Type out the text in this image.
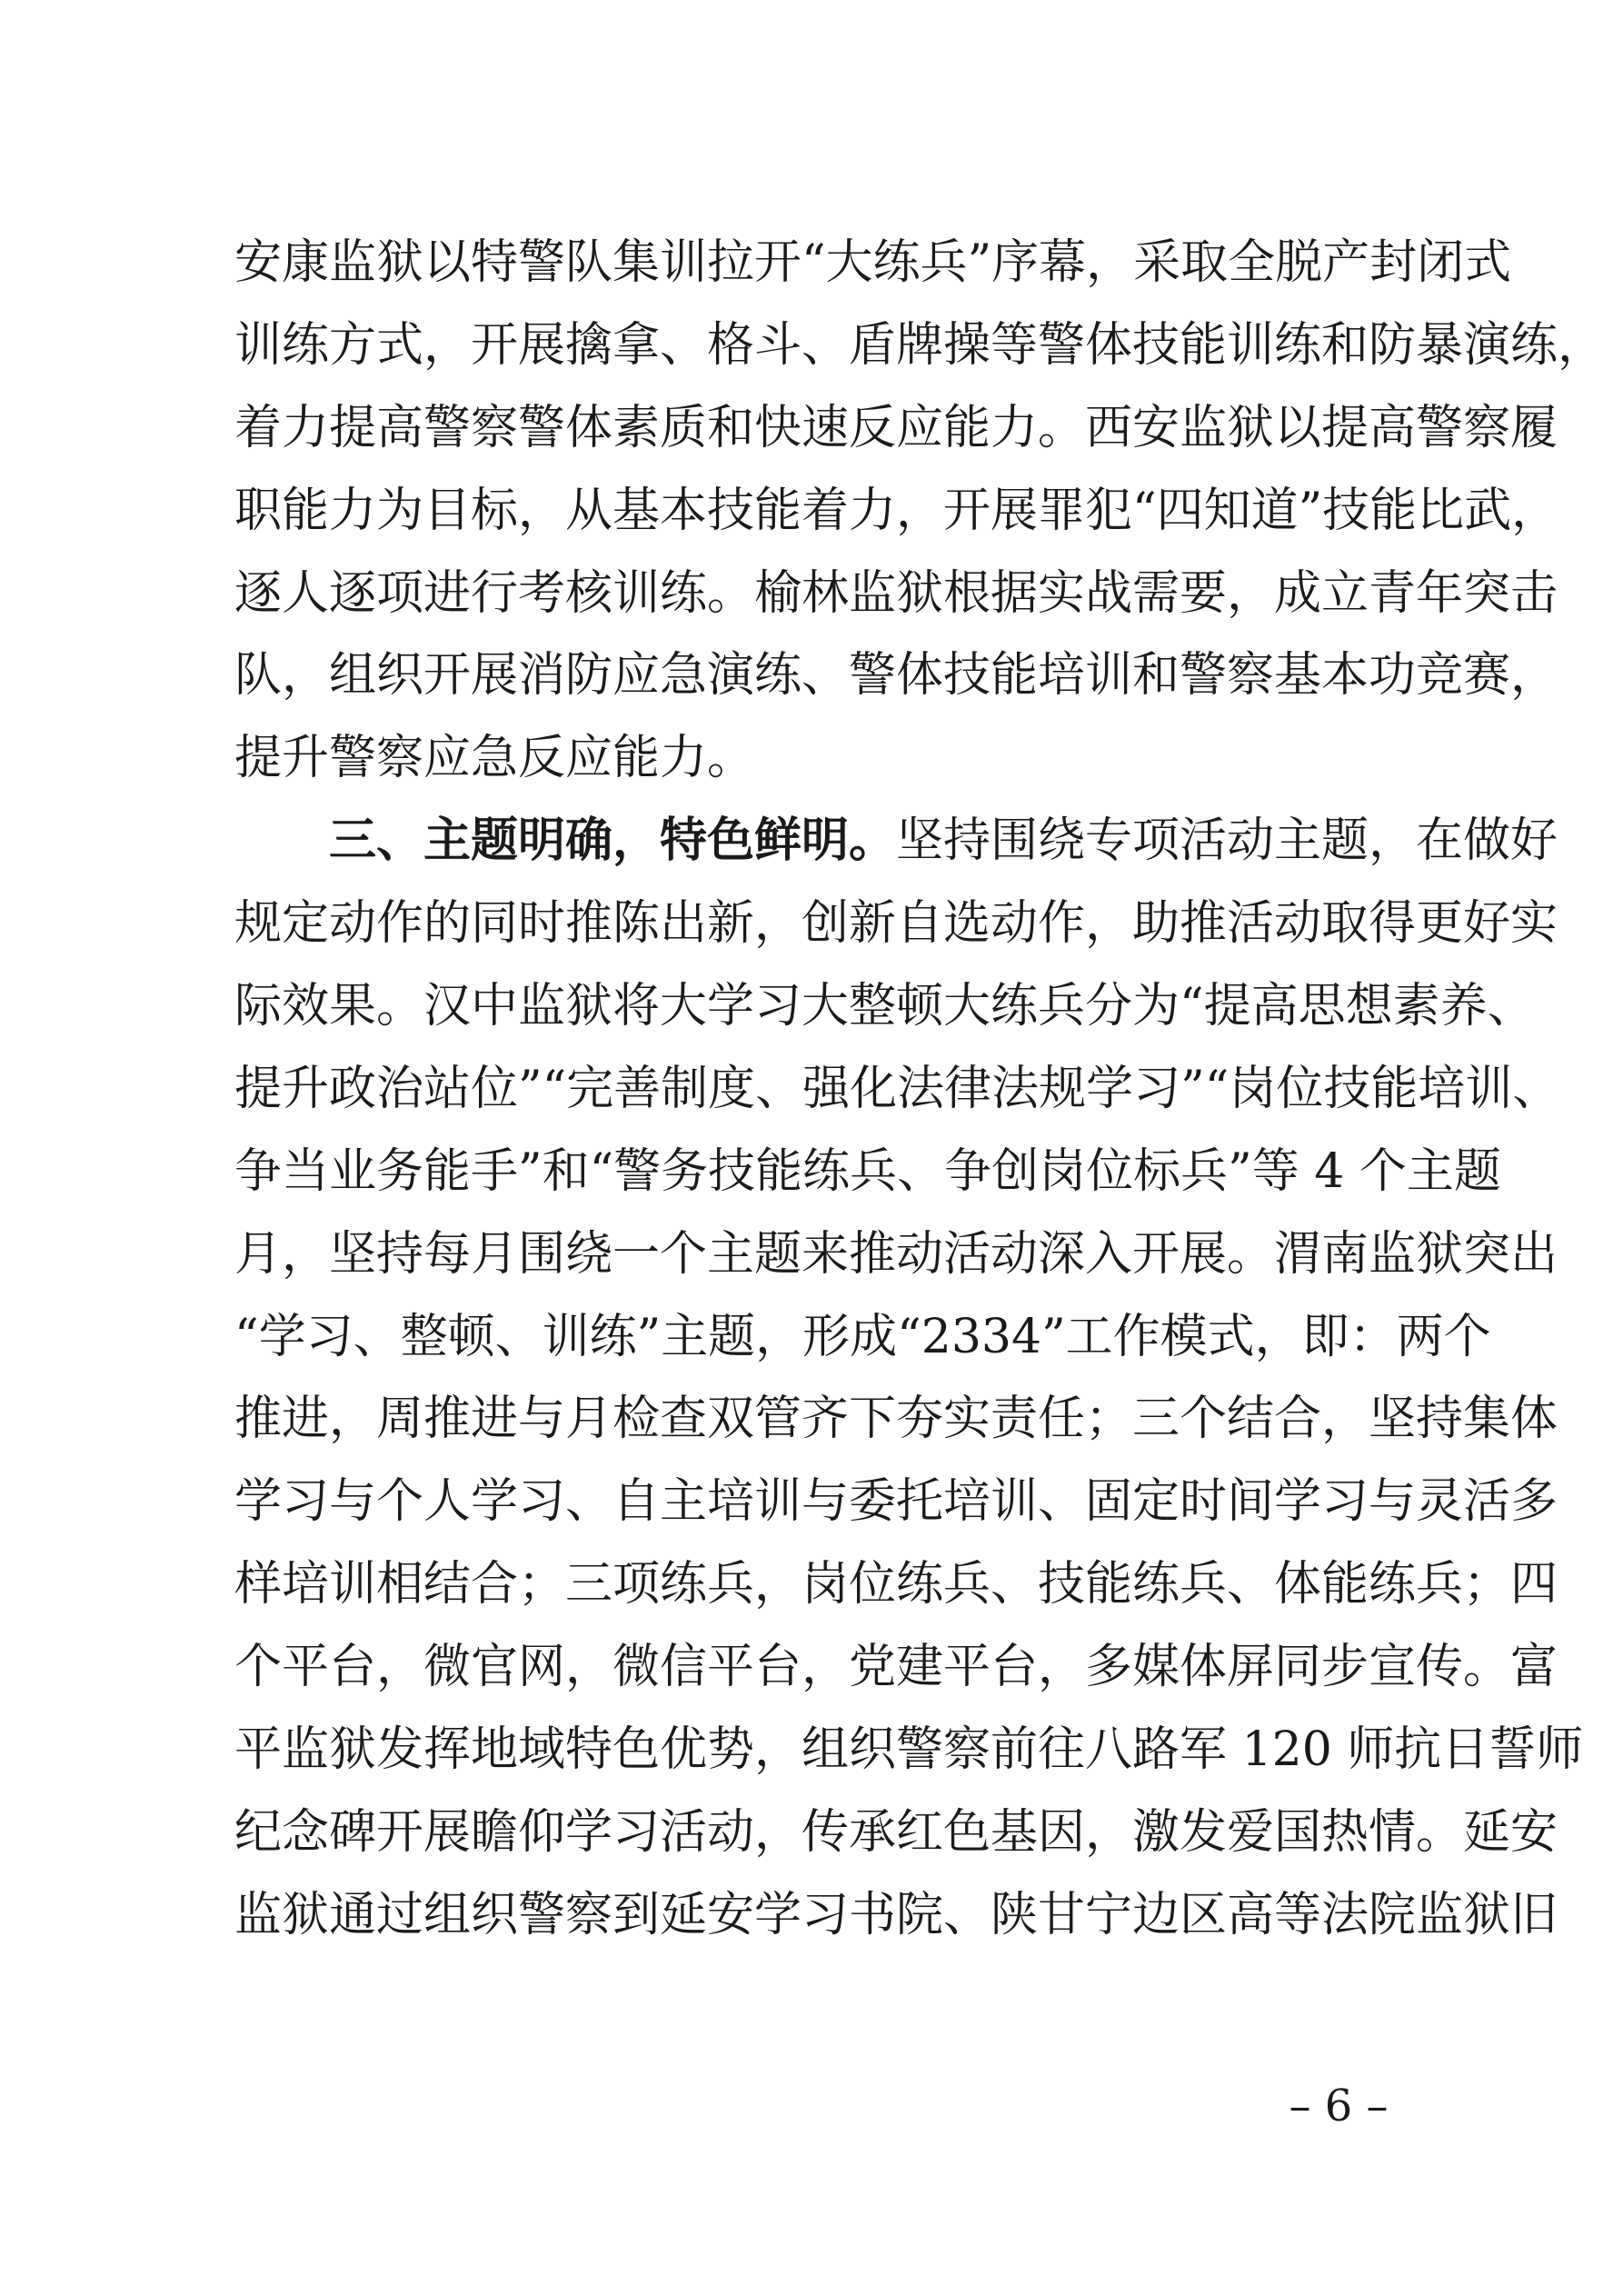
安康监狱以特警队集训拉开“大练兵”序幕，采取全脱产封闭式
训练方式，开展擒拿、格斗、盾牌操等警体技能训练和防暴演练，
着力提高警察警体素质和快速反应能力。西安监狱以提高警察履
职能力为目标，从基本技能着力，开展罪犯“四知道”技能比武，
逐人逐项进行考核训练。榆林监狱根据实战需要，成立青年突击
队，组织开展消防应急演练、警体技能培训和警察基本功竞赛，
提升警察应急反应能力。
三、主题明确，特色鲜明。坚持围绕专项活动主题，在做好
规定动作的同时推陈出新，创新自选动作，助推活动取得更好实
际效果。汉中监狱将大学习大整顿大练兵分为“提高思想素养、
提升政治站位”“完善制度、强化法律法规学习”“岗位技能培训、
争当业务能手”和“警务技能练兵、争创岗位标兵”等 4 个主题
月，坚持每月围绕一个主题来推动活动深入开展。渭南监狱突出
“学习、整顿、训练”主题，形成“2334”工作模式，即：两个
推进，周推进与月检查双管齐下夯实责任；三个结合，坚持集体
学习与个人学习、自主培训与委托培训、固定时间学习与灵活多
样培训相结合；三项练兵，岗位练兵、技能练兵、体能练兵；四
个平台，微官网，微信平台，党建平台，多媒体屏同步宣传。富
平监狱发挥地域特色优势，组织警察前往八路军 120 师抗日誓师
纪念碑开展瞻仰学习活动，传承红色基因，激发爱国热情。延安
监狱通过组织警察到延安学习书院、陕甘宁边区高等法院监狱旧
– 6 –
